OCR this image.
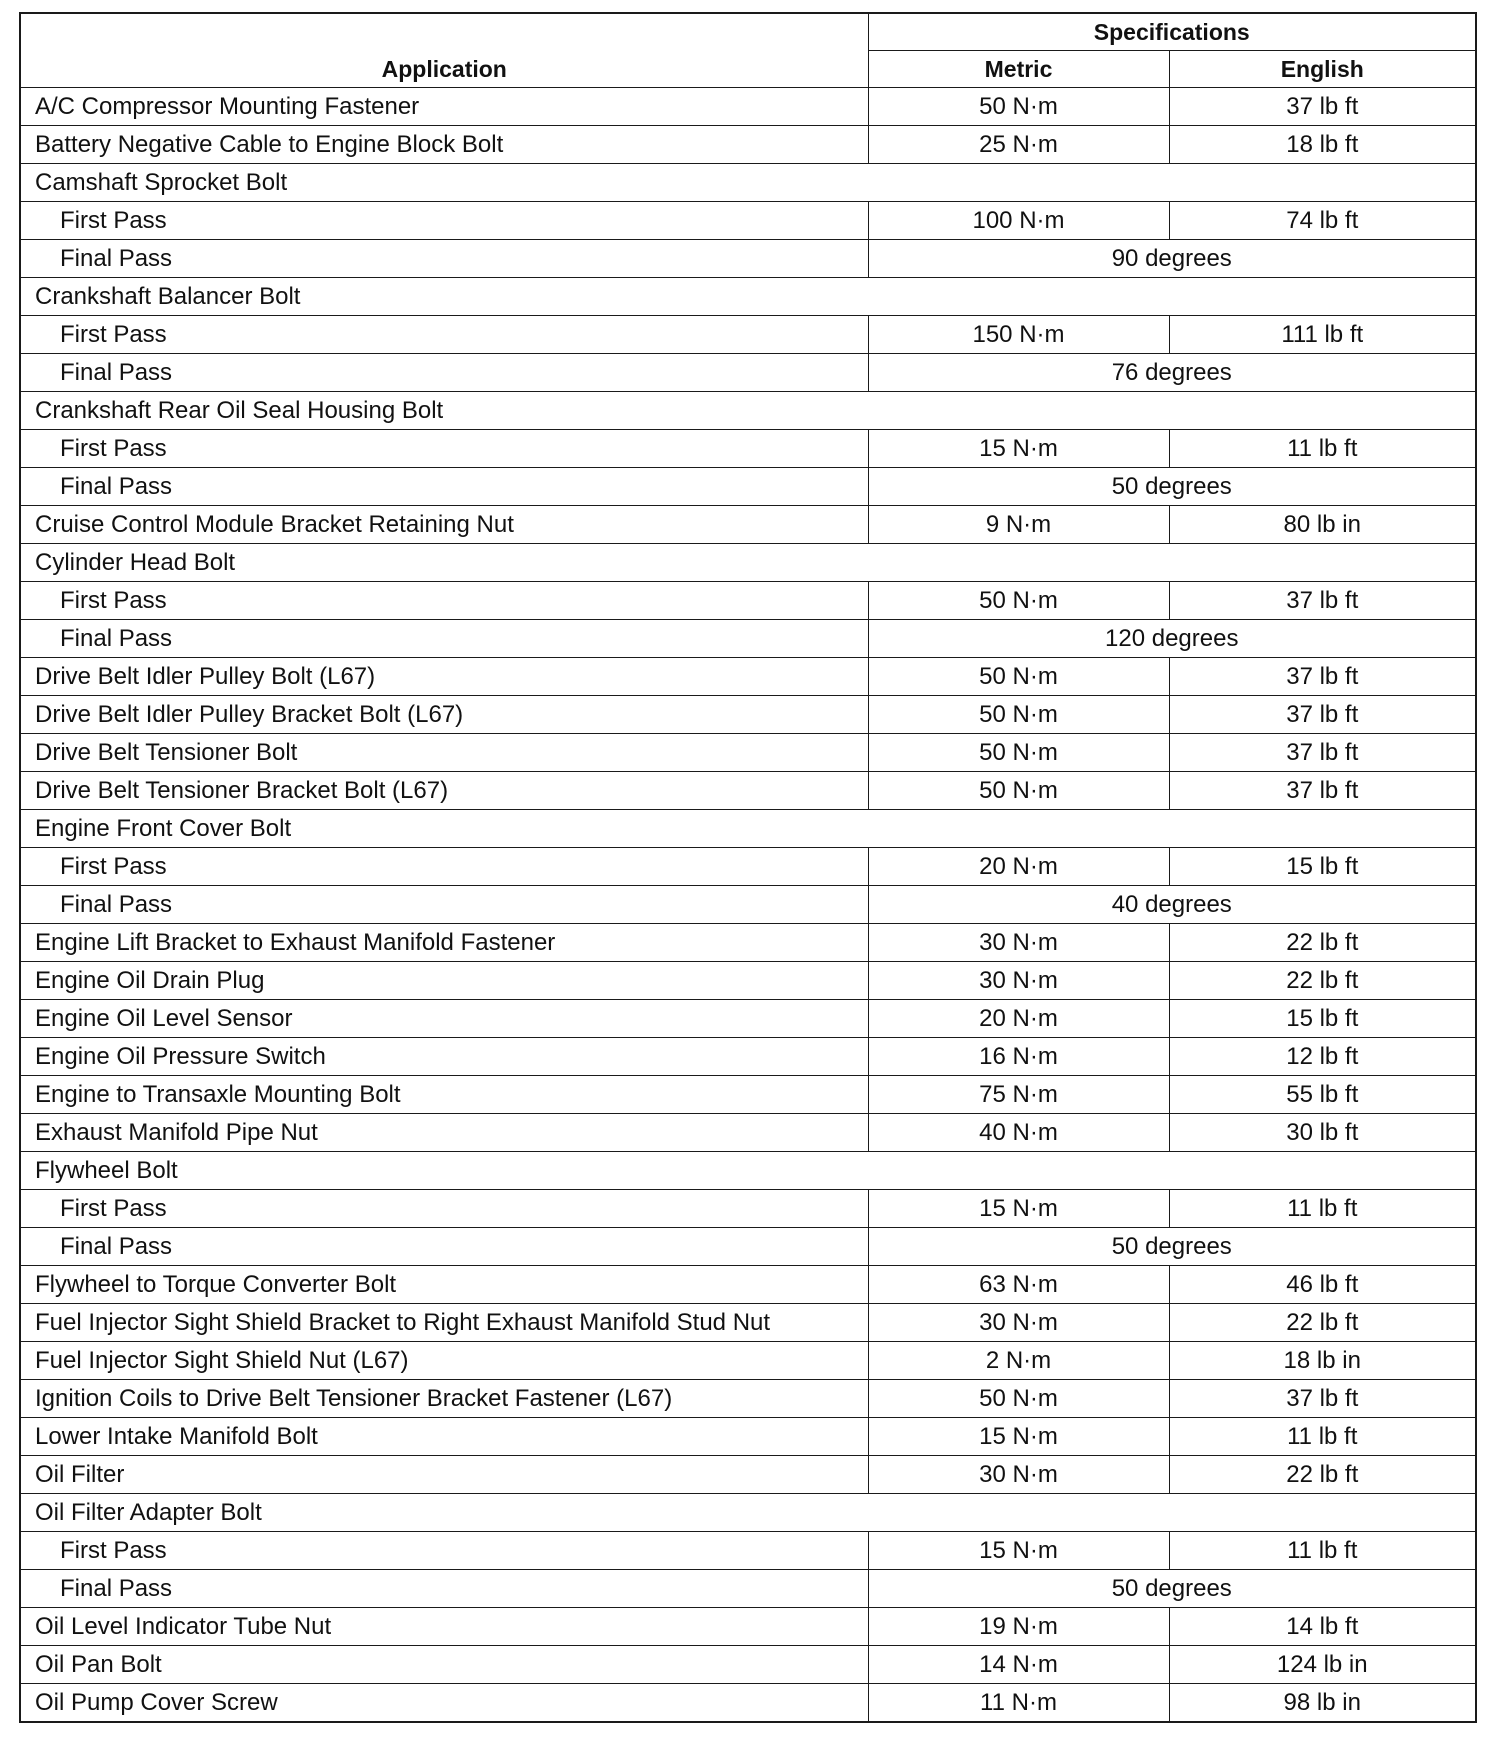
Application	Specifications	
	Metric	English
A/C Compressor Mounting Fastener	50 N·m	37 lb ft
Battery Negative Cable to Engine Block Bolt	25 N·m	18 lb ft
Camshaft Sprocket Bolt		
First Pass	100 N·m	74 lb ft
Final Pass	90 degrees	
Crankshaft Balancer Bolt		
First Pass	150 N·m	111 lb ft
Final Pass	76 degrees	
Crankshaft Rear Oil Seal Housing Bolt		
First Pass	15 N·m	11 lb ft
Final Pass	50 degrees	
Cruise Control Module Bracket Retaining Nut	9 N·m	80 lb in
Cylinder Head Bolt		
First Pass	50 N·m	37 lb ft
Final Pass	120 degrees	
Drive Belt Idler Pulley Bolt (L67)	50 N·m	37 lb ft
Drive Belt Idler Pulley Bracket Bolt (L67)	50 N·m	37 lb ft
Drive Belt Tensioner Bolt	50 N·m	37 lb ft
Drive Belt Tensioner Bracket Bolt (L67)	50 N·m	37 lb ft
Engine Front Cover Bolt		
First Pass	20 N·m	15 lb ft
Final Pass	40 degrees	
Engine Lift Bracket to Exhaust Manifold Fastener	30 N·m	22 lb ft
Engine Oil Drain Plug	30 N·m	22 lb ft
Engine Oil Level Sensor	20 N·m	15 lb ft
Engine Oil Pressure Switch	16 N·m	12 lb ft
Engine to Transaxle Mounting Bolt	75 N·m	55 lb ft
Exhaust Manifold Pipe Nut	40 N·m	30 lb ft
Flywheel Bolt		
First Pass	15 N·m	11 lb ft
Final Pass	50 degrees	
Flywheel to Torque Converter Bolt	63 N·m	46 lb ft
Fuel Injector Sight Shield Bracket to Right Exhaust Manifold Stud Nut	30 N·m	22 lb ft
Fuel Injector Sight Shield Nut (L67)	2 N·m	18 lb in
Ignition Coils to Drive Belt Tensioner Bracket Fastener (L67)	50 N·m	37 lb ft
Lower Intake Manifold Bolt	15 N·m	11 lb ft
Oil Filter	30 N·m	22 lb ft
Oil Filter Adapter Bolt		
First Pass	15 N·m	11 lb ft
Final Pass	50 degrees	
Oil Level Indicator Tube Nut	19 N·m	14 lb ft
Oil Pan Bolt	14 N·m	124 lb in
Oil Pump Cover Screw	11 N·m	98 lb in
